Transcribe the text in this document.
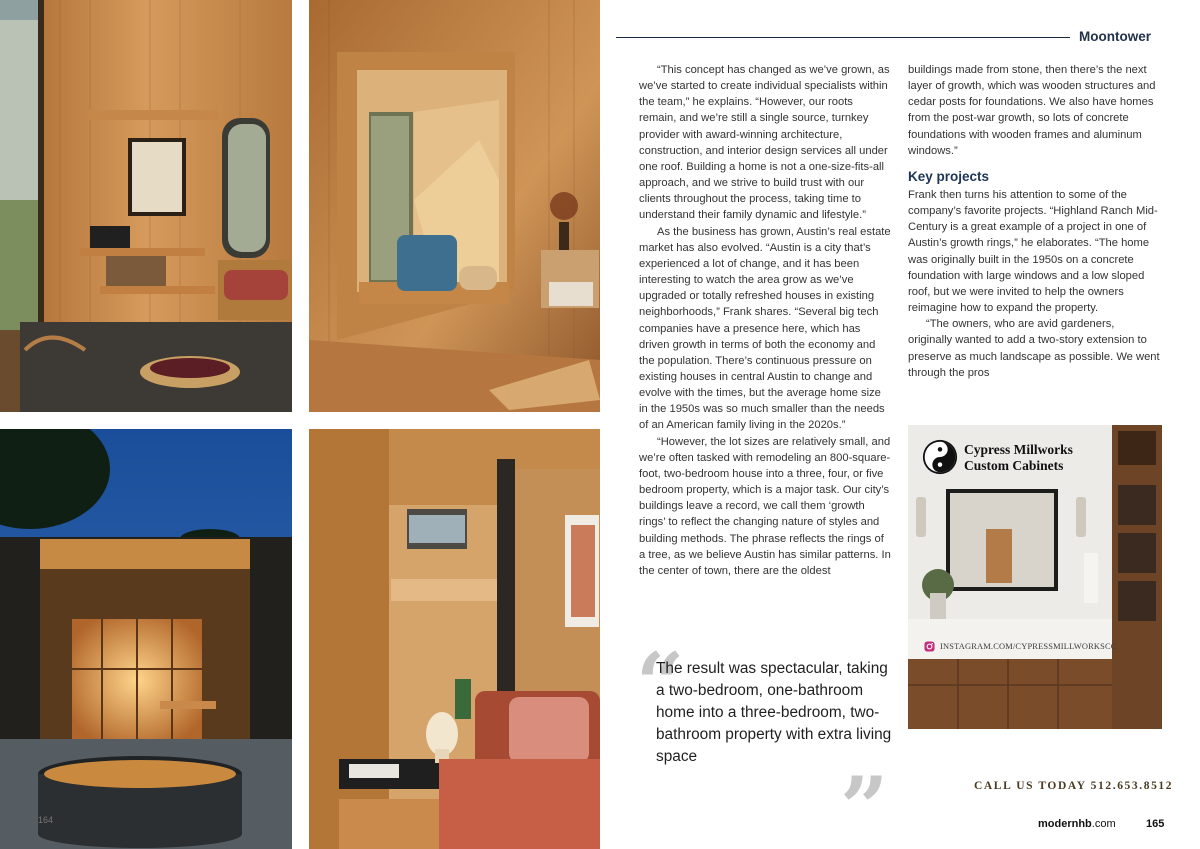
Moontower

“This concept has changed as we’ve grown, as we’ve started to create individual specialists within the team,” he explains. “However, our roots remain, and we’re still a single source, turnkey provider with award-winning architecture, construction, and interior design services all under one roof. Building a home is not a one-size-fits-all approach, and we strive to build trust with our clients throughout the process, taking time to understand their family dynamic and lifestyle.”

As the business has grown, Austin’s real estate market has also evolved. “Austin is a city that’s experienced a lot of change, and it has been interesting to watch the area grow as we’ve upgraded or totally refreshed houses in existing neighborhoods,” Frank shares. “Several big tech companies have a presence here, which has driven growth in terms of both the economy and the population. There’s continuous pressure on existing houses in central Austin to change and evolve with the times, but the average home size in the 1950s was so much smaller than the needs of an American family living in the 2020s.”

“However, the lot sizes are relatively small, and we’re often tasked with remodeling an 800-square-foot, two-bedroom house into a three, four, or five bedroom property, which is a major task. Our city’s buildings leave a record, we call them ‘growth rings’ to reflect the changing nature of styles and building methods. The phrase reflects the rings of a tree, as we believe Austin has similar patterns. In the center of town, there are the oldest

buildings made from stone, then there’s the next layer of growth, which was wooden structures and cedar posts for foundations. We also have homes from the post-war growth, so lots of concrete foundations with wooden frames and aluminum windows.”

Key projects

Frank then turns his attention to some of the company’s favorite projects. “Highland Ranch Mid-Century is a great example of a project in one of Austin’s growth rings,” he elaborates. “The home was originally built in the 1950s on a concrete foundation with large windows and a low sloped roof, but we were invited to help the owners reimagine how to expand the property.

“The owners, who are avid gardeners, originally wanted to add a two-story extension to preserve as much landscape as possible. We went through the pros

“
The result was spectacular, taking a two-bedroom, one-bathroom home into a three-bedroom, two-bathroom property with extra living space
”
Cypress Millworks
Custom Cabinets
INSTAGRAM.COM/CYPRESSMILLWORKSCC
CALL US TODAY 512.653.8512
164	modernhb.com	165
